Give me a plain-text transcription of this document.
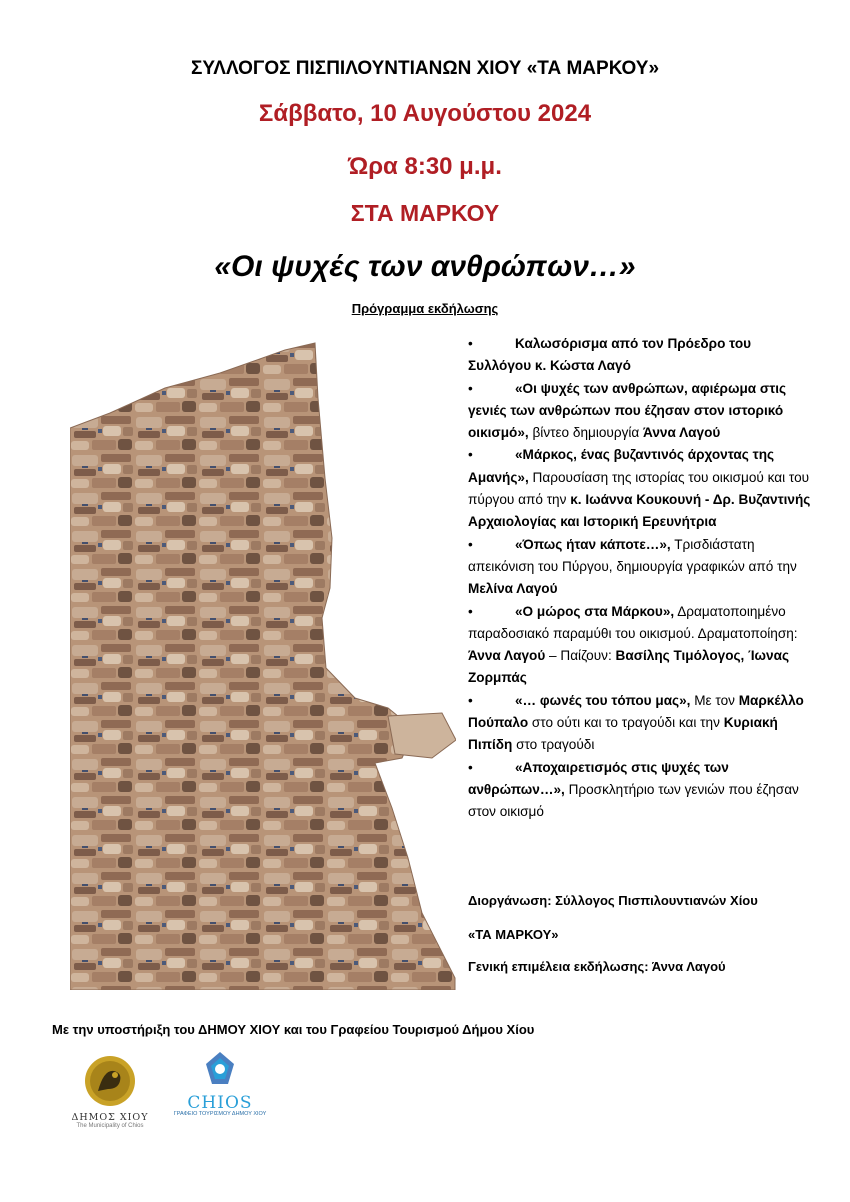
ΣΥΛΛΟΓΟΣ ΠΙΣΠΙΛΟΥΝΤΙΑΝΩΝ ΧΙΟΥ «ΤΑ ΜΑΡΚΟΥ»
Σάββατο, 10 Αυγούστου 2024
Ώρα 8:30 μ.μ.
ΣΤΑ ΜΑΡΚΟΥ
«Οι ψυχές των ανθρώπων…»
Πρόγραμμα εκδήλωσης
•	Καλωσόρισμα από τον Πρόεδρο του Συλλόγου κ. Κώστα Λαγό
•	«Οι ψυχές των ανθρώπων, αφιέρωμα στις γενιές των ανθρώπων που έζησαν στον ιστορικό οικισμό», βίντεο δημιουργία Άννα Λαγού
•	«Μάρκος, ένας βυζαντινός άρχοντας της Αμανής», Παρουσίαση της ιστορίας του οικισμού και του πύργου από την κ. Ιωάννα Κουκουνή - Δρ. Βυζαντινής Αρχαιολογίας και Ιστορική Ερευνήτρια
•	«Όπως ήταν κάποτε…», Τρισδιάστατη απεικόνιση του Πύργου, δημιουργία γραφικών από την Μελίνα Λαγού
•	«Ο μώρος στα Μάρκου», Δραματοποιημένο παραδοσιακό παραμύθι του οικισμού. Δραματοποίηση: Άννα Λαγού – Παίζουν: Βασίλης Τιμόλογος, Ίωνας Ζορμπάς
•	«… φωνές του τόπου μας», Με τον Μαρκέλλο Πούπαλο στο ούτι και το τραγούδι και την Κυριακή Πιπίδη στο τραγούδι
•	«Αποχαιρετισμός στις ψυχές των ανθρώπων…», Προσκλητήριο των γενιών που έζησαν στον οικισμό
Διοργάνωση: Σύλλογος Πισπιλουντιανών Χίου
«ΤΑ ΜΑΡΚΟΥ»
Γενική επιμέλεια εκδήλωσης: Άννα Λαγού
Με την υποστήριξη του ΔΗΜΟΥ ΧΙΟΥ και του Γραφείου Τουρισμού Δήμου Χίου
ΔΗΜΟΣ ΧΙΟΥ
The Municipality of Chios
CHIOS
ΓΡΑΦΕΙΟ ΤΟΥΡΙΣΜΟΥ ΔΗΜΟΥ ΧΙΟΥ
